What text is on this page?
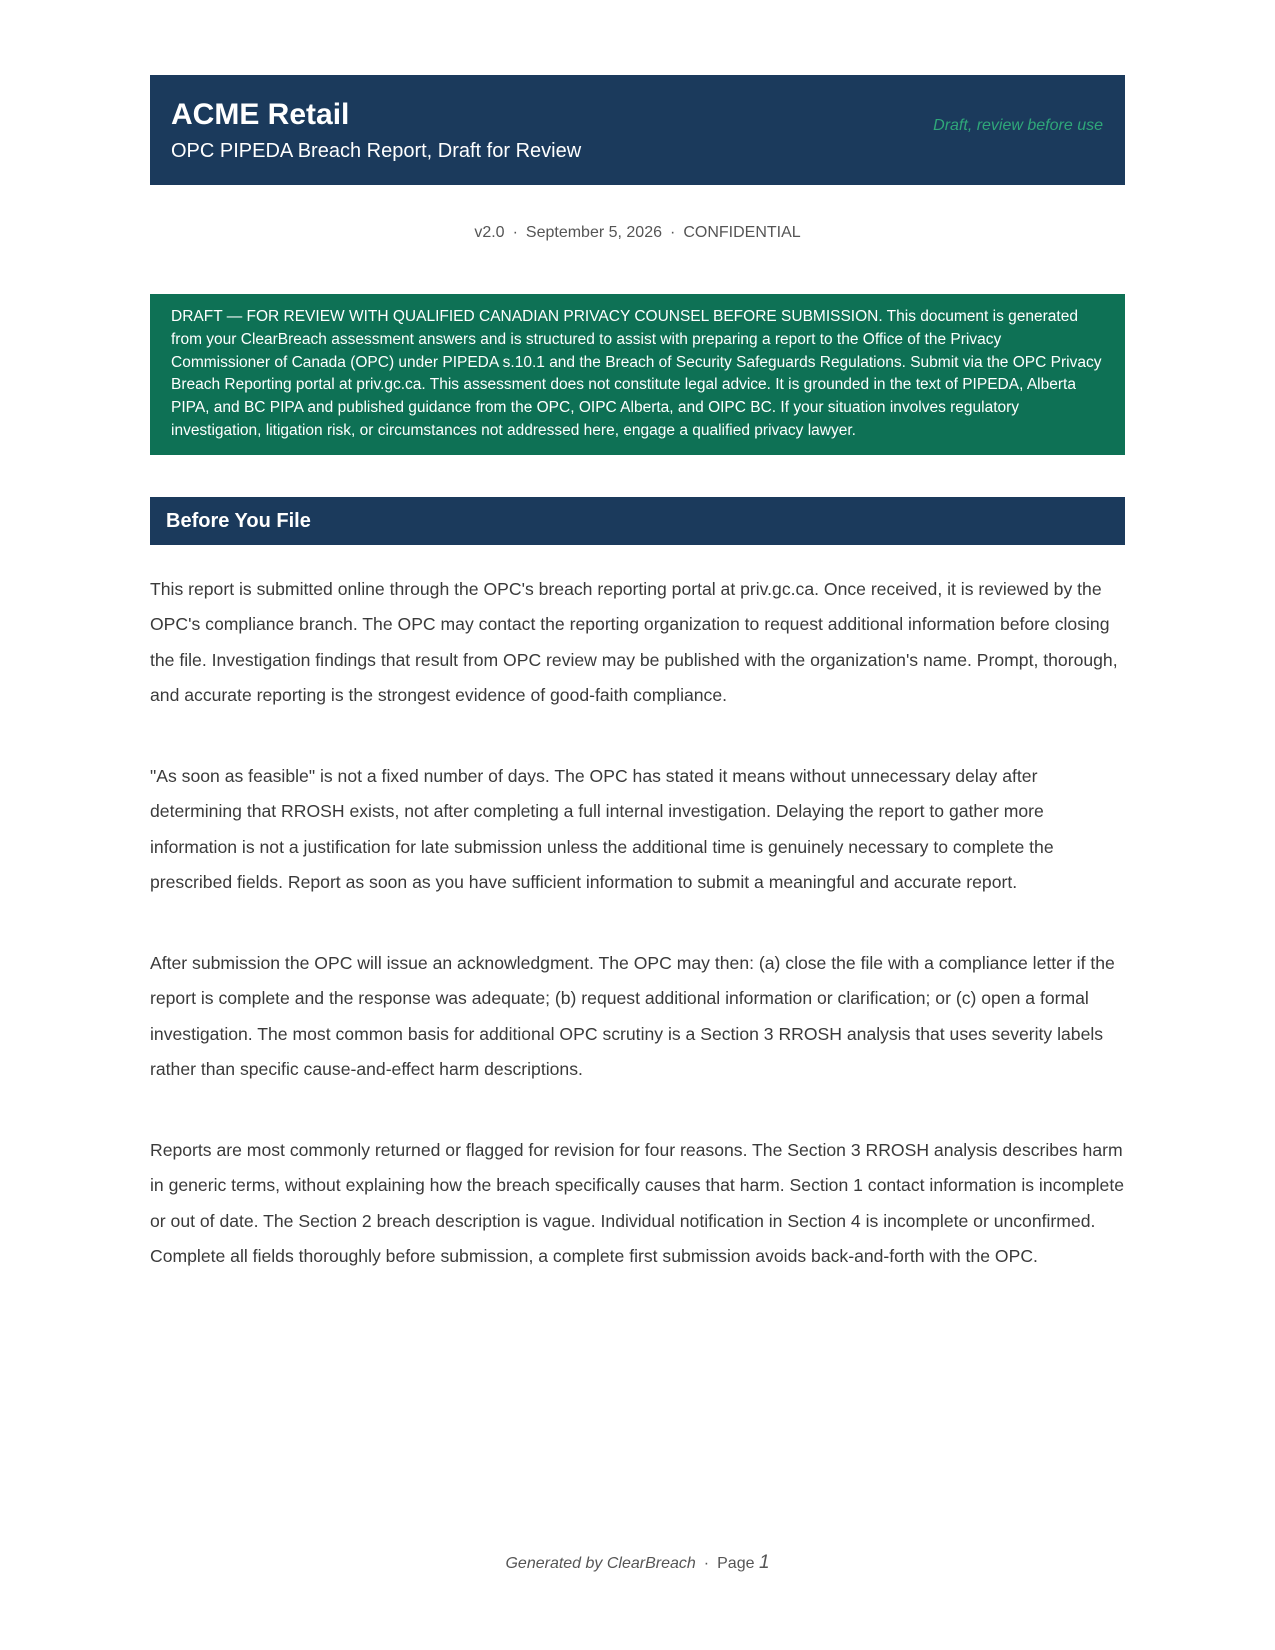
ACME Retail
OPC PIPEDA Breach Report, Draft for Review
Draft, review before use
v2.0 · September 5, 2026 · CONFIDENTIAL
DRAFT — FOR REVIEW WITH QUALIFIED CANADIAN PRIVACY COUNSEL BEFORE SUBMISSION. This document is generated from your ClearBreach assessment answers and is structured to assist with preparing a report to the Office of the Privacy Commissioner of Canada (OPC) under PIPEDA s.10.1 and the Breach of Security Safeguards Regulations. Submit via the OPC Privacy Breach Reporting portal at priv.gc.ca. This assessment does not constitute legal advice. It is grounded in the text of PIPEDA, Alberta PIPA, and BC PIPA and published guidance from the OPC, OIPC Alberta, and OIPC BC. If your situation involves regulatory investigation, litigation risk, or circumstances not addressed here, engage a qualified privacy lawyer.
Before You File

This report is submitted online through the OPC's breach reporting portal at priv.gc.ca. Once received, it is reviewed by the OPC's compliance branch. The OPC may contact the reporting organization to request additional information before closing the file. Investigation findings that result from OPC review may be published with the organization's name. Prompt, thorough, and accurate reporting is the strongest evidence of good-faith compliance.

"As soon as feasible" is not a fixed number of days. The OPC has stated it means without unnecessary delay after determining that RROSH exists, not after completing a full internal investigation. Delaying the report to gather more information is not a justification for late submission unless the additional time is genuinely necessary to complete the prescribed fields. Report as soon as you have sufficient information to submit a meaningful and accurate report.

After submission the OPC will issue an acknowledgment. The OPC may then: (a) close the file with a compliance letter if the report is complete and the response was adequate; (b) request additional information or clarification; or (c) open a formal investigation. The most common basis for additional OPC scrutiny is a Section 3 RROSH analysis that uses severity labels rather than specific cause-and-effect harm descriptions.

Reports are most commonly returned or flagged for revision for four reasons. The Section 3 RROSH analysis describes harm in generic terms, without explaining how the breach specifically causes that harm. Section 1 contact information is incomplete or out of date. The Section 2 breach description is vague. Individual notification in Section 4 is incomplete or unconfirmed. Complete all fields thoroughly before submission, a complete first submission avoids back-and-forth with the OPC.

Generated by ClearBreach · Page 1
